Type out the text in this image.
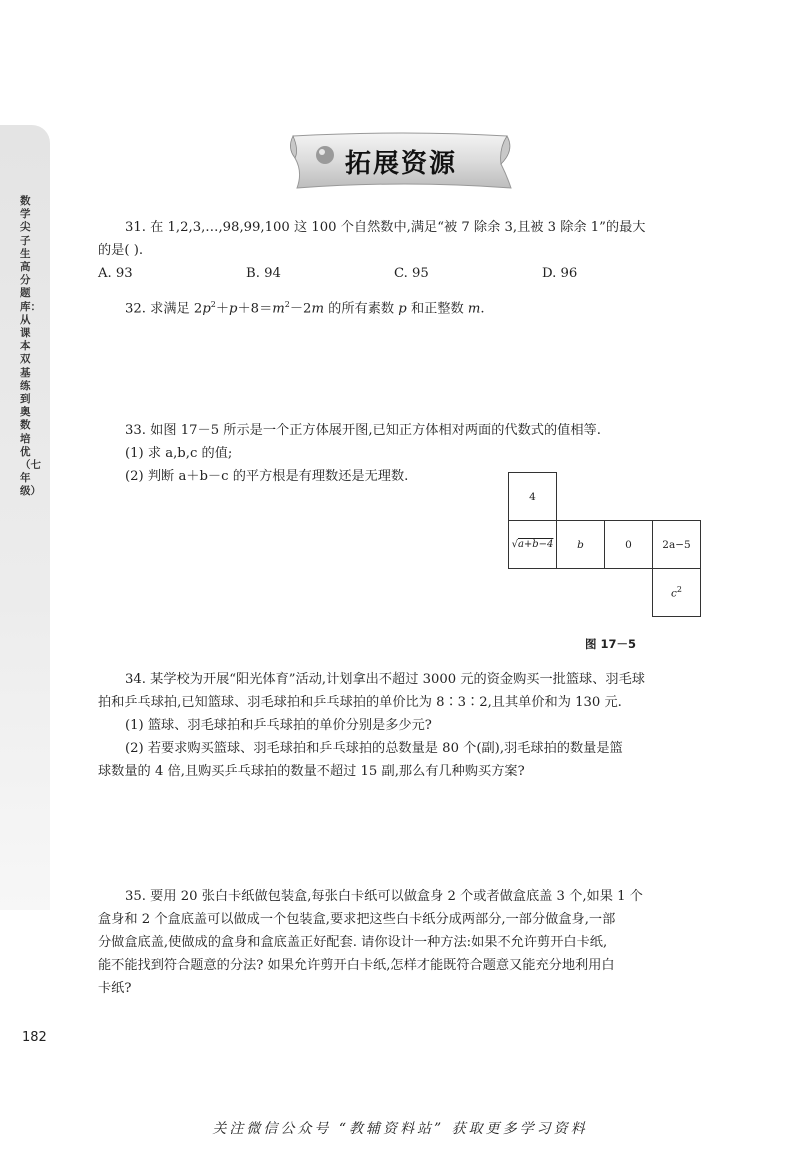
数学尖子生高分题库：从课本双基练到奥数培优（七年级）
182
拓展资源
31. 在 1,2,3,…,98,99,100 这 100 个自然数中,满足“被 7 除余 3,且被 3 除余 1”的最大
的是( ).
A. 93	B. 94	C. 95	D. 96
32. 求满足 $2p^2+p+8=m^2-2m$ 的所有素数 p 和正整数 m.
33. 如图 17－5 所示是一个正方体展开图,已知正方体相对两面的代数式的值相等.
(1) 求 a,b,c 的值;
(2) 判断 a＋b－c 的平方根是有理数还是无理数.
4
√a+b−4	b	0	2a−5
$c^2$
图 17－5
34. 某学校为开展“阳光体育”活动,计划拿出不超过 3000 元的资金购买一批篮球、羽毛球
拍和乒乓球拍,已知篮球、羽毛球拍和乒乓球拍的单价比为 8∶3∶2,且其单价和为 130 元.
(1) 篮球、羽毛球拍和乒乓球拍的单价分别是多少元?
(2) 若要求购买篮球、羽毛球拍和乒乓球拍的总数量是 80 个(副),羽毛球拍的数量是篮
球数量的 4 倍,且购买乒乓球拍的数量不超过 15 副,那么有几种购买方案?
35. 要用 20 张白卡纸做包装盒,每张白卡纸可以做盒身 2 个或者做盒底盖 3 个,如果 1 个
盒身和 2 个盒底盖可以做成一个包装盒,要求把这些白卡纸分成两部分,一部分做盒身,一部
分做盒底盖,使做成的盒身和盒底盖正好配套. 请你设计一种方法:如果不允许剪开白卡纸,
能不能找到符合题意的分法? 如果允许剪开白卡纸,怎样才能既符合题意又能充分地利用白
卡纸?
关注微信公众号 “教辅资料站” 获取更多学习资料
